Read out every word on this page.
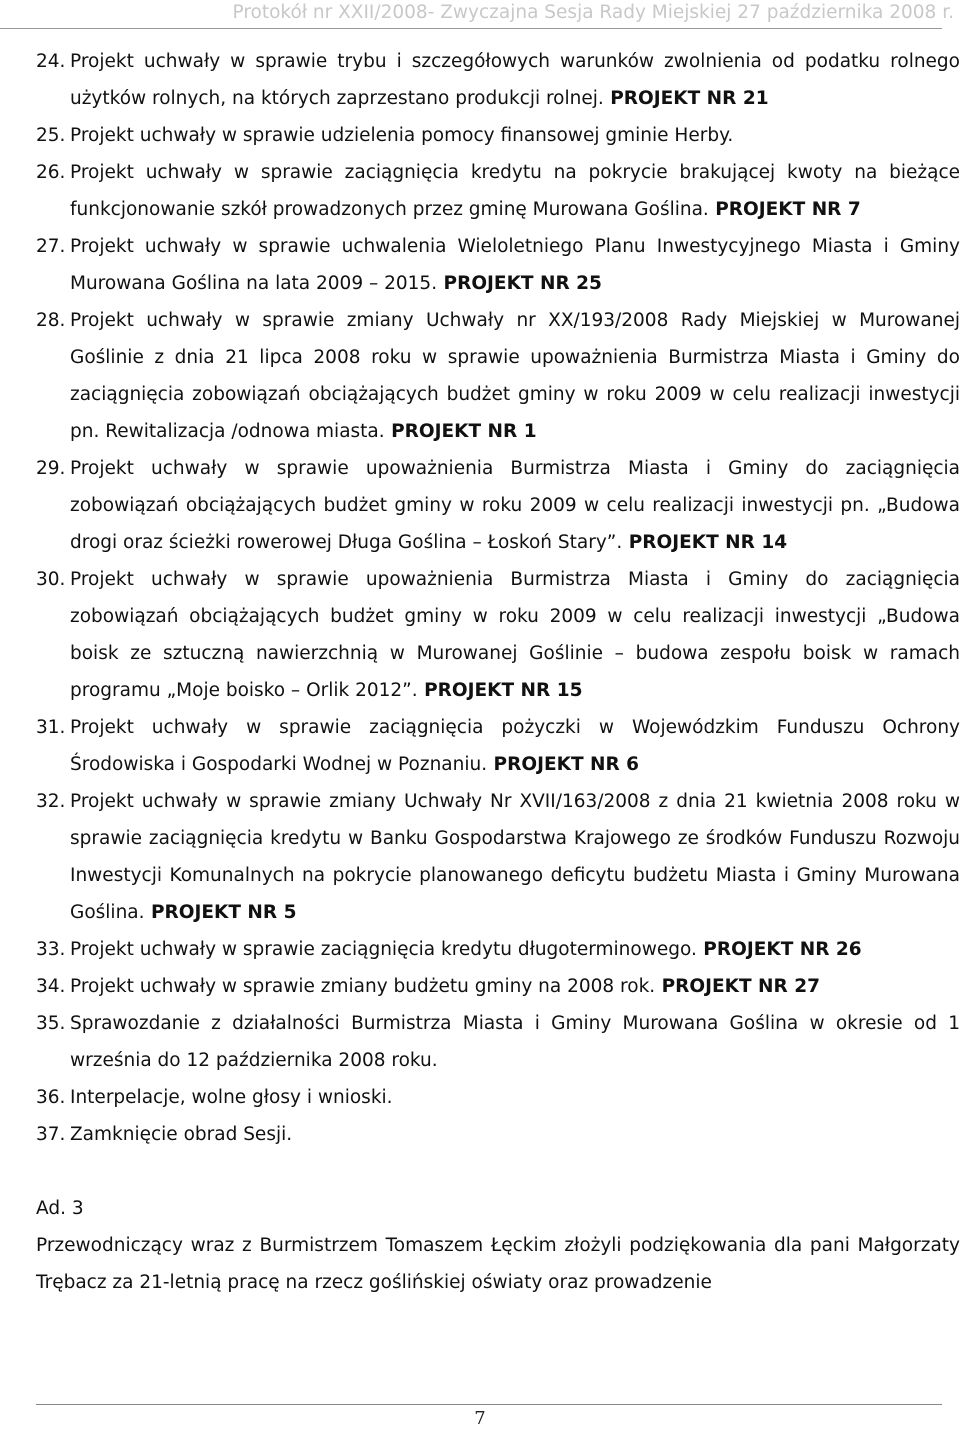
Protokół nr XXII/2008- Zwyczajna Sesja Rady Miejskiej 27 października 2008 r.
24. Projekt uchwały w sprawie trybu i szczegółowych warunków zwolnienia od podatku rolnego użytków rolnych, na których zaprzestano produkcji rolnej. PROJEKT NR 21
25. Projekt uchwały w sprawie udzielenia pomocy finansowej gminie Herby.
26. Projekt uchwały w sprawie zaciągnięcia kredytu na pokrycie brakującej kwoty na bieżące funkcjonowanie szkół prowadzonych przez gminę Murowana Goślina. PROJEKT NR 7
27. Projekt uchwały w sprawie uchwalenia Wieloletniego Planu Inwestycyjnego Miasta i Gminy Murowana Goślina na lata 2009 – 2015. PROJEKT NR 25
28. Projekt uchwały w sprawie zmiany Uchwały nr XX/193/2008 Rady Miejskiej w Murowanej Goślinie z dnia 21 lipca 2008 roku w sprawie upoważnienia Burmistrza Miasta i Gminy do zaciągnięcia zobowiązań obciążających budżet gminy w roku 2009 w celu realizacji inwestycji pn. Rewitalizacja /odnowa miasta. PROJEKT NR 1
29. Projekt uchwały w sprawie upoważnienia Burmistrza Miasta i Gminy do zaciągnięcia zobowiązań obciążających budżet gminy w roku 2009 w celu realizacji inwestycji pn. „Budowa drogi oraz ścieżki rowerowej Długa Goślina – Łoskoń Stary”. PROJEKT NR 14
30. Projekt uchwały w sprawie upoważnienia Burmistrza Miasta i Gminy do zaciągnięcia zobowiązań obciążających budżet gminy w roku 2009 w celu realizacji inwestycji „Budowa boisk ze sztuczną nawierzchnią w Murowanej Goślinie – budowa zespołu boisk w ramach programu „Moje boisko – Orlik 2012”. PROJEKT NR 15
31. Projekt uchwały w sprawie zaciągnięcia pożyczki w Wojewódzkim Funduszu Ochrony Środowiska i Gospodarki Wodnej w Poznaniu. PROJEKT NR 6
32. Projekt uchwały w sprawie zmiany Uchwały Nr XVII/163/2008 z dnia 21 kwietnia 2008 roku w sprawie zaciągnięcia kredytu w Banku Gospodarstwa Krajowego ze środków Funduszu Rozwoju Inwestycji Komunalnych na pokrycie planowanego deficytu budżetu Miasta i Gminy Murowana Goślina. PROJEKT NR 5
33. Projekt uchwały w sprawie zaciągnięcia kredytu długoterminowego. PROJEKT NR 26
34. Projekt uchwały w sprawie zmiany budżetu gminy na 2008 rok. PROJEKT NR 27
35. Sprawozdanie z działalności Burmistrza Miasta i Gminy Murowana Goślina w okresie od 1 września do 12 października 2008 roku.
36. Interpelacje, wolne głosy i wnioski.
37. Zamknięcie obrad Sesji.
Ad. 3
Przewodniczący wraz z Burmistrzem Tomaszem Łęckim złożyli podziękowania dla pani Małgorzaty Trębacz za 21-letnią pracę na rzecz goślińskiej oświaty oraz prowadzenie
7
